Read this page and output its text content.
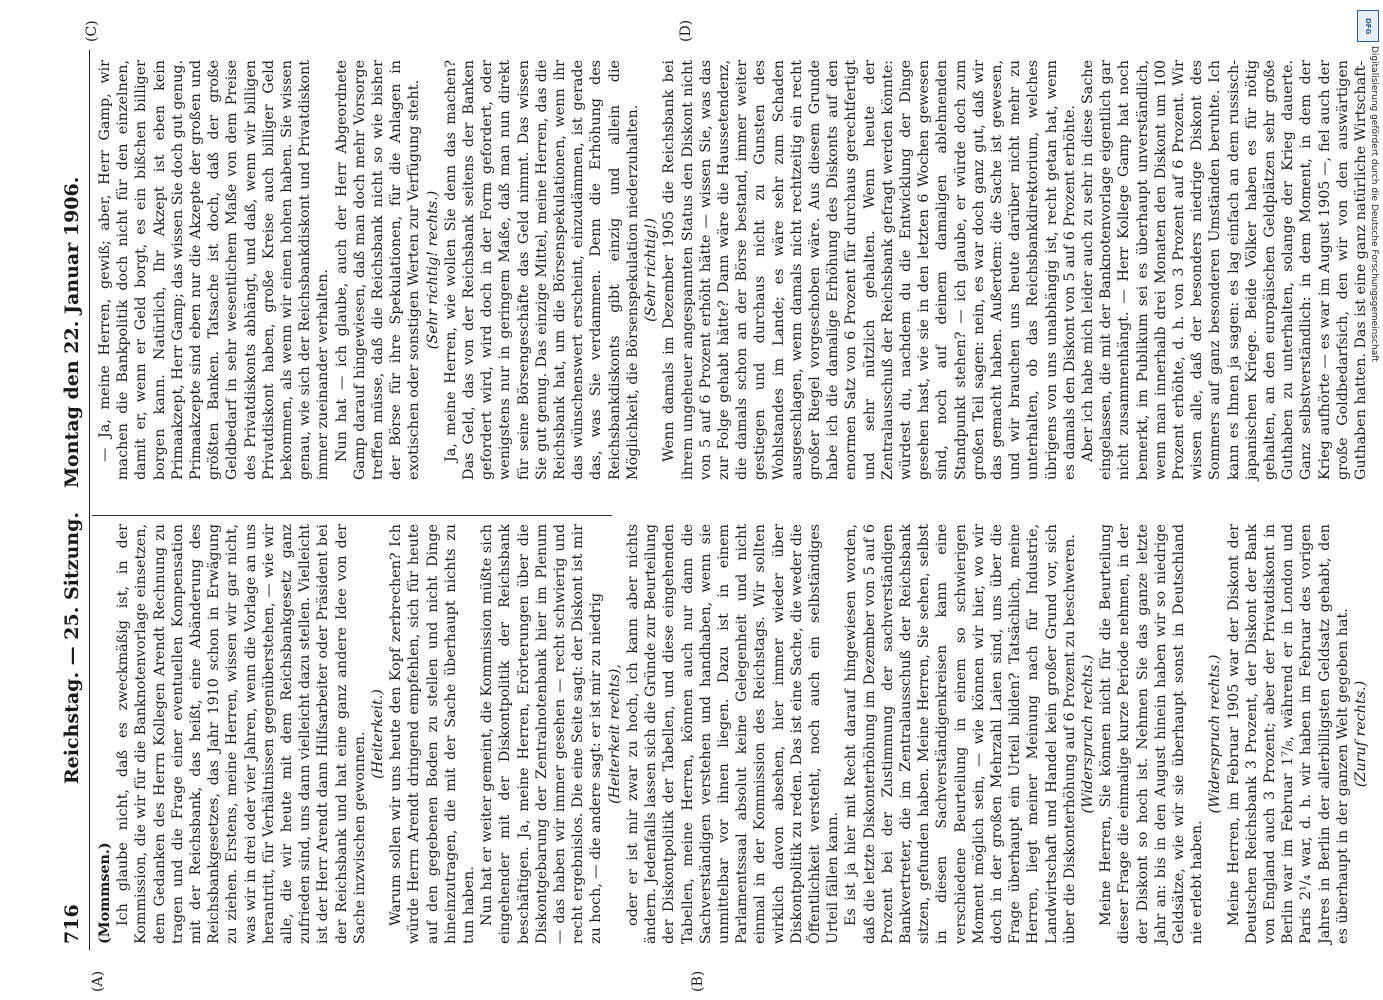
716
Reichstag. — 25. Sitzung.
Montag den 22. Januar 1906.
(A)	(B)
(C)	(D)

(Mommsen.) Ich glaube nicht, daß es zweckmäßig ist, in der Kommission, die wir für die Banknotenvorlage einsetzen, dem Gedanken des Herrn Kollegen Arendt Rechnung zu tragen und die Frage einer eventuellen Kompensation mit der Reichsbank, das heißt, eine Abänderung des Reichsbankgesetzes, das Jahr 1910 schon in Erwägung zu ziehen. Erstens, meine Herren, wissen wir gar nicht, was wir in drei oder vier Jahren, wenn die Vorlage an uns herantritt, für Verhältnissen gegenüberstehen, — wie wir alle, die wir heute mit dem Reichsbankgesetz ganz zufrieden sind, uns dann vielleicht dazu stellen. Vielleicht ist der Herr Arendt dann Hilfsarbeiter oder Präsident bei der Reichsbank und hat eine ganz andere Idee von der Sache inzwischen gewonnen. (Heiterkeit.) Warum sollen wir uns heute den Kopf zerbrechen? Ich würde Herrn Arendt dringend empfehlen, sich für heute auf den gegebenen Boden zu stellen und nicht Dinge hineinzutragen, die mit der Sache überhaupt nichts zu tun haben. Nun hat er weiter gemeint, die Kommission müßte sich eingehender mit der Diskontpolitik der Reichsbank beschäftigen. Ja, meine Herren, Erörterungen über die Diskontgebarung der Zentralnotenbank hier im Plenum — das haben wir immer gesehen — recht schwierig und recht ergebnislos. Die eine Seite sagt: der Diskont ist mir zu hoch, — die andere sagt: er ist mir zu niedrig (Heiterkeit rechts), oder er ist mir zwar zu hoch, ich kann aber nichts ändern. Jedenfalls lassen sich die Gründe zur Beurteilung der Diskontpolitik der Tabellen, und diese eingehenden Tabellen, meine Herren, können auch nur dann die Sachverständigen verstehen und handhaben, wenn sie unmittelbar vor ihnen liegen. Dazu ist in einem Parlamentssaal absolut keine Gelegenheit und nicht einmal in der Kommission des Reichstags. Wir sollten wirklich davon absehen, hier immer wieder über Diskontpolitik zu reden. Das ist eine Sache, die weder die Öffentlichkeit versteht, noch auch ein selbständiges Urteil fällen kann. Es ist ja hier mit Recht darauf hingewiesen worden, daß die letzte Diskonterhöhung im Dezember von 5 auf 6 Prozent bei der Zustimmung der sachverständigen Bankvertreter, die im Zentralausschuß der Reichsbank sitzen, gefunden haben. Meine Herren, Sie sehen, selbst in diesen Sachverständigenkreisen kann eine verschiedene Beurteilung in einem so schwierigen Moment möglich sein, — wie können wir hier, wo wir doch in der großen Mehrzahl Laien sind, uns über die Frage überhaupt ein Urteil bilden? Tatsächlich, meine Herren, liegt meiner Meinung nach für Industrie, Landwirtschaft und Handel kein großer Grund vor, sich über die Diskonterhöhung auf 6 Prozent zu beschweren. (Widerspruch rechts.) Meine Herren, Sie können nicht für die Beurteilung dieser Frage die einmalige kurze Periode nehmen, in der der Diskont so hoch ist. Nehmen Sie das ganze letzte Jahr an: bis in den August hinein haben wir so niedrige Geldsätze, wie wir sie überhaupt sonst in Deutschland nie erlebt haben.

(Widerspruch rechts.) Meine Herren, im Februar 1905 war der Diskont der Deutschen Reichsbank 3 Prozent, der Diskont der Bank von England auch 3 Prozent; aber der Privatdiskont in Berlin war im Februar 1⁷/₈, während er in London und Paris 2¹/₄ war, d. h. wir haben im Februar des vorigen Jahres in Berlin der allerbilligsten Geldsatz gehabt, den es überhaupt in der ganzen Welt gegeben hat. (Zuruf rechts.)

— Ja, meine Herren, gewiß; aber, Herr Gamp, wir machen die Bankpolitik doch nicht für den einzelnen, damit er, wenn er Geld borgt, es ein bißchen billiger borgen kann. Natürlich, Ihr Akzept ist eben kein Primaakzept, Herr Gamp; das wissen Sie doch gut genug. Primaakzepte sind eben nur die Akzepte der großen und größten Banken. Tatsache ist doch, daß der große Geldbedarf in sehr wesentlichem Maße von dem Preise des Privatdiskonts abhängt, und daß, wenn wir billigen Privatdiskont haben, große Kreise auch billiger Geld bekommen, als wenn wir einen hohen haben. Sie wissen genau, wie sich der Reichsbankdiskont und Privatdiskont immer zueinander verhalten. Nun hat — ich glaube, auch der Herr Abgeordnete Gamp darauf hingewiesen, daß man doch mehr Vorsorge treffen müsse, daß die Reichsbank nicht so wie bisher der Börse für ihre Spekulationen, für die Anlagen in exotischen oder sonstigen Werten zur Verfügung steht. (Sehr richtig! rechts.) Ja, meine Herren, wie wollen Sie denn das machen? Das Geld, das von der Reichsbank seitens der Banken gefordert wird, wird doch in der Form gefordert, oder wenigstens nur in geringem Maße, daß man nun direkt für seine Börsengeschäfte das Geld nimmt. Das wissen Sie gut genug. Das einzige Mittel, meine Herren, das die Reichsbank hat, um die Börsenspekulationen, wenn ihr das wünschenswert erscheint, einzudämmen, ist gerade das, was Sie verdammen. Denn die Erhöhung des Reichsbankdiskonts gibt einzig und allein die Möglichkeit, die Börsenspekulation niederzuhalten. (Sehr richtig!) Wenn damals im Dezember 1905 die Reichsbank bei ihrem ungeheuer angespannten Status den Diskont nicht von 5 auf 6 Prozent erhöht hätte — wissen Sie, was das zur Folge gehabt hätte? Dann wäre die Haussetendenz, die damals schon an der Börse bestand, immer weiter gestiegen und durchaus nicht zu Gunsten des Wohlstandes im Lande; es wäre sehr zum Schaden ausgeschlagen, wenn damals nicht rechtzeitig ein recht großer Riegel vorgeschoben wäre. Aus diesem Grunde habe ich die damalige Erhöhung des Diskonts auf den enormen Satz von 6 Prozent für durchaus gerechtfertigt und sehr nützlich gehalten. Wenn heute der Zentralausschuß der Reichsbank gefragt werden könnte: würdest du, nachdem du die Entwicklung der Dinge gesehen hast, wie sie in den letzten 6 Wochen gewesen sind, noch auf deinem damaligen ablehnenden Standpunkt stehen? — ich glaube, er würde doch zum großen Teil sagen: nein, es war doch ganz gut, daß wir das gemacht haben. Außerdem: die Sache ist gewesen, und wir brauchen uns heute darüber nicht mehr zu unterhalten, ob das Reichsbankdirektorium, welches übrigens von uns unabhängig ist, recht getan hat, wenn es damals den Diskont von 5 auf 6 Prozent erhöhte. Aber ich habe mich leider auch zu sehr in diese Sache eingelassen, die mit der Banknotenvorlage eigentlich gar nicht zusammenhängt. — Herr Kollege Gamp hat noch bemerkt, im Publikum sei es überhaupt unverständlich, wenn man innerhalb drei Monaten den Diskont um 100 Prozent erhöhte, d. h. von 3 Prozent auf 6 Prozent. Wir wissen alle, daß der besonders niedrige Diskont des Sommers auf ganz besonderen Umständen beruhte. Ich kann es Ihnen ja sagen: es lag einfach an dem russisch-japanischen Kriege. Beide Völker haben es für nötig gehalten, an den europäischen Geldplätzen sehr große Guthaben zu unterhalten, solange der Krieg dauerte. Ganz selbstverständlich: in dem Moment, in dem der Krieg aufhörte — es war im August 1905 —, fiel auch der große Goldbedarfsich, den wir von den auswärtigen Guthaben hatten. Das ist eine ganz natürliche Wirtschaft-

DFG
Digitalisierung gefördert durch die Deutsche Forschungsgemeinschaft
